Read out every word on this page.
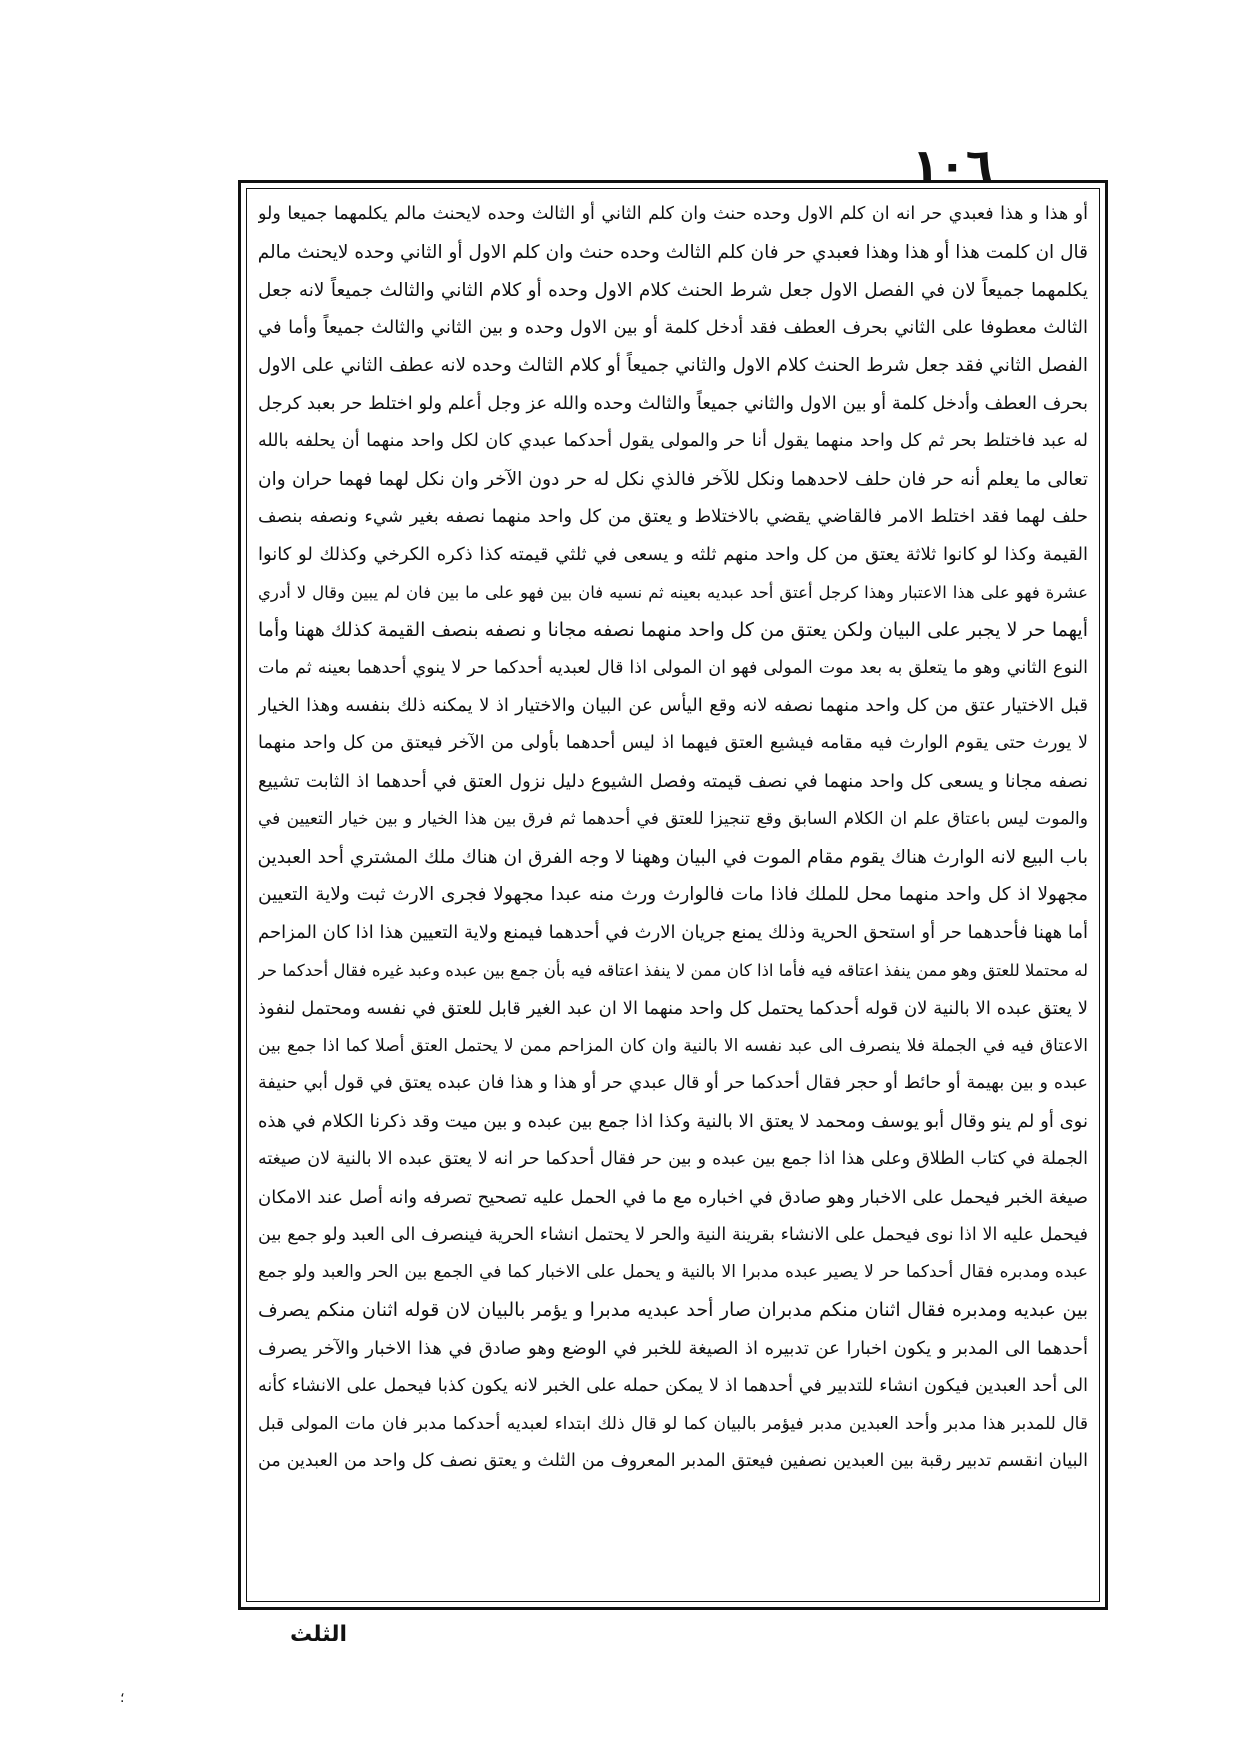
١٠٦
أو هذا و هذا فعبدي حر انه ان كلم الاول وحده حنث وان كلم الثاني أو الثالث وحده لايحنث مالم يكلمهما جميعا ولو
قال ان كلمت هذا أو هذا وهذا فعبدي حر فان كلم الثالث وحده حنث وان كلم الاول أو الثاني وحده لايحنث مالم
يكلمهما جميعاً لان في الفصل الاول جعل شرط الحنث كلام الاول وحده أو كلام الثاني والثالث جميعاً لانه جعل
الثالث معطوفا على الثاني بحرف العطف فقد أدخل كلمة أو بين الاول وحده و بين الثاني والثالث جميعاً وأما في
الفصل الثاني فقد جعل شرط الحنث كلام الاول والثاني جميعاً أو كلام الثالث وحده لانه عطف الثاني على الاول
بحرف العطف وأدخل كلمة أو بين الاول والثاني جميعاً والثالث وحده والله عز وجل أعلم ولو اختلط حر بعبد كرجل
له عبد فاختلط بحر ثم كل واحد منهما يقول أنا حر والمولى يقول أحدكما عبدي كان لكل واحد منهما أن يحلفه بالله
تعالى ما يعلم أنه حر فان حلف لاحدهما ونكل للآخر فالذي نكل له حر دون الآخر وان نكل لهما فهما حران وان
حلف لهما فقد اختلط الامر فالقاضي يقضي بالاختلاط و يعتق من كل واحد منهما نصفه بغير شيء ونصفه بنصف
القيمة وكذا لو كانوا ثلاثة يعتق من كل واحد منهم ثلثه و يسعى في ثلثي قيمته كذا ذكره الكرخي وكذلك لو كانوا
عشرة فهو على هذا الاعتبار وهذا كرجل أعتق أحد عبديه بعينه ثم نسيه فان بين فهو على ما بين فان لم يبين وقال لا أدري
أيهما حر لا يجبر على البيان ولكن يعتق من كل واحد منهما نصفه مجانا و نصفه بنصف القيمة كذلك ههنا وأما
النوع الثاني وهو ما يتعلق به بعد موت المولى فهو ان المولى اذا قال لعبديه أحدكما حر لا ينوي أحدهما بعينه ثم مات
قبل الاختيار عتق من كل واحد منهما نصفه لانه وقع اليأس عن البيان والاختيار اذ لا يمكنه ذلك بنفسه وهذا الخيار
لا يورث حتى يقوم الوارث فيه مقامه فيشيع العتق فيهما اذ ليس أحدهما بأولى من الآخر فيعتق من كل واحد منهما
نصفه مجانا و يسعى كل واحد منهما في نصف قيمته وفصل الشيوع دليل نزول العتق في أحدهما اذ الثابت تشييع
والموت ليس باعتاق علم ان الكلام السابق وقع تنجيزا للعتق في أحدهما ثم فرق بين هذا الخيار و بين خيار التعيين في
باب البيع لانه الوارث هناك يقوم مقام الموت في البيان وههنا لا وجه الفرق ان هناك ملك المشتري أحد العبدين
مجهولا اذ كل واحد منهما محل للملك فاذا مات فالوارث ورث منه عبدا مجهولا فجرى الارث ثبت ولاية التعيين
أما ههنا فأحدهما حر أو استحق الحرية وذلك يمنع جريان الارث في أحدهما فيمنع ولاية التعيين هذا اذا كان المزاحم
له محتملا للعتق وهو ممن ينفذ اعتاقه فيه فأما اذا كان ممن لا ينفذ اعتاقه فيه بأن جمع بين عبده وعبد غيره فقال أحدكما حر
لا يعتق عبده الا بالنية لان قوله أحدكما يحتمل كل واحد منهما الا ان عبد الغير قابل للعتق في نفسه ومحتمل لنفوذ
الاعتاق فيه في الجملة فلا ينصرف الى عبد نفسه الا بالنية وان كان المزاحم ممن لا يحتمل العتق أصلا كما اذا جمع بين
عبده و بين بهيمة أو حائط أو حجر فقال أحدكما حر أو قال عبدي حر أو هذا و هذا فان عبده يعتق في قول أبي حنيفة
نوى أو لم ينو وقال أبو يوسف ومحمد لا يعتق الا بالنية وكذا اذا جمع بين عبده و بين ميت وقد ذكرنا الكلام في هذه
الجملة في كتاب الطلاق وعلى هذا اذا جمع بين عبده و بين حر فقال أحدكما حر انه لا يعتق عبده الا بالنية لان صيغته
صيغة الخبر فيحمل على الاخبار وهو صادق في اخباره مع ما في الحمل عليه تصحيح تصرفه وانه أصل عند الامكان
فيحمل عليه الا اذا نوى فيحمل على الانشاء بقرينة النية والحر لا يحتمل انشاء الحرية فينصرف الى العبد ولو جمع بين
عبده ومدبره فقال أحدكما حر لا يصير عبده مدبرا الا بالنية و يحمل على الاخبار كما في الجمع بين الحر والعبد ولو جمع
بين عبديه ومدبره فقال اثنان منكم مدبران صار أحد عبديه مدبرا و يؤمر بالبيان لان قوله اثنان منكم يصرف
أحدهما الى المدبر و يكون اخبارا عن تدبيره اذ الصيغة للخبر في الوضع وهو صادق في هذا الاخبار والآخر يصرف
الى أحد العبدين فيكون انشاء للتدبير في أحدهما اذ لا يمكن حمله على الخبر لانه يكون كذبا فيحمل على الانشاء كأنه
قال للمدبر هذا مدبر وأحد العبدين مدبر فيؤمر بالبيان كما لو قال ذلك ابتداء لعبديه أحدكما مدبر فان مات المولى قبل
البيان انقسم تدبير رقبة بين العبدين نصفين فيعتق المدبر المعروف من الثلث و يعتق نصف كل واحد من العبدين من
الثلث
؛
